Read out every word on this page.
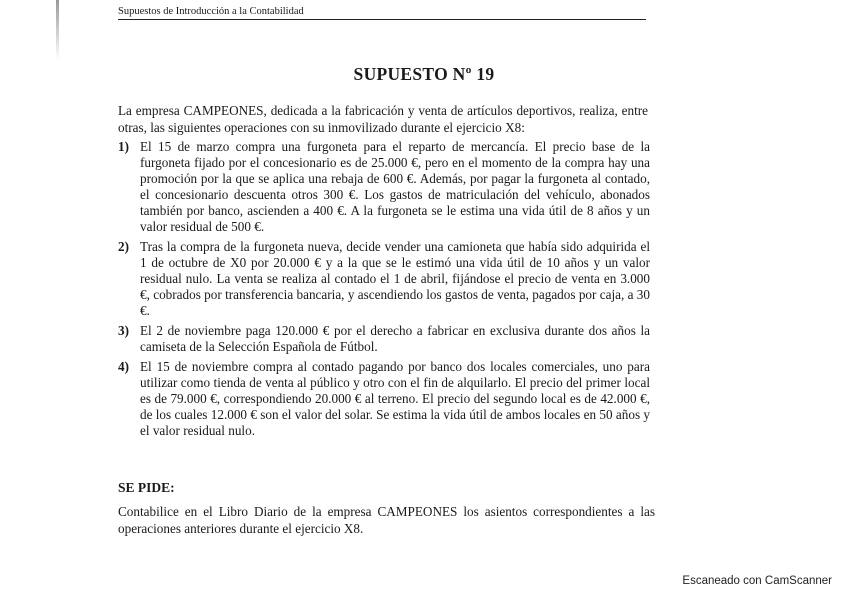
Supuestos de Introducción a la Contabilidad
SUPUESTO Nº 19
La empresa CAMPEONES, dedicada a la fabricación y venta de artículos deportivos, realiza, entre otras, las siguientes operaciones con su inmovilizado durante el ejercicio X8:
1) El 15 de marzo compra una furgoneta para el reparto de mercancía. El precio base de la furgoneta fijado por el concesionario es de 25.000 €, pero en el momento de la compra hay una promoción por la que se aplica una rebaja de 600 €. Además, por pagar la furgoneta al contado, el concesionario descuenta otros 300 €. Los gastos de matriculación del vehículo, abonados también por banco, ascienden a 400 €. A la furgoneta se le estima una vida útil de 8 años y un valor residual de 500 €.
2) Tras la compra de la furgoneta nueva, decide vender una camioneta que había sido adquirida el 1 de octubre de X0 por 20.000 € y a la que se le estimó una vida útil de 10 años y un valor residual nulo. La venta se realiza al contado el 1 de abril, fijándose el precio de venta en 3.000 €, cobrados por transferencia bancaria, y ascendiendo los gastos de venta, pagados por caja, a 30 €.
3) El 2 de noviembre paga 120.000 € por el derecho a fabricar en exclusiva durante dos años la camiseta de la Selección Española de Fútbol.
4) El 15 de noviembre compra al contado pagando por banco dos locales comerciales, uno para utilizar como tienda de venta al público y otro con el fin de alquilarlo. El precio del primer local es de 79.000 €, correspondiendo 20.000 € al terreno. El precio del segundo local es de 42.000 €, de los cuales 12.000 € son el valor del solar. Se estima la vida útil de ambos locales en 50 años y el valor residual nulo.
SE PIDE:
Contabilice en el Libro Diario de la empresa CAMPEONES los asientos correspondientes a las operaciones anteriores durante el ejercicio X8.
Escaneado con CamScanner
